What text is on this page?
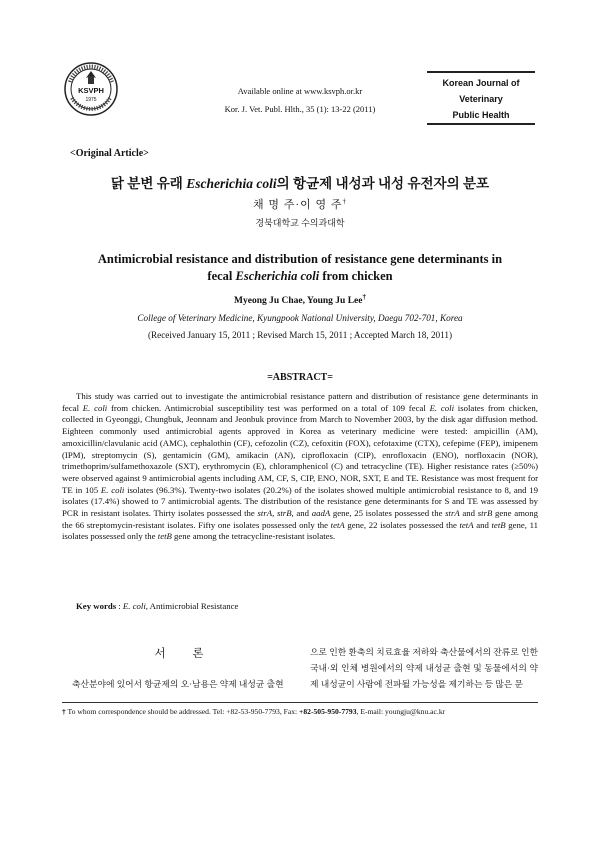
KSVPH
1975
Available online at www.ksvph.or.kr
Kor. J. Vet. Publ. Hlth., 35 (1): 13-22 (2011)
Korean Journal of
Veterinary
Public Health
<Original Article>
닭 분변 유래 Escherichia coli의 항균제 내성과 내성 유전자의 분포
채 명 주·이 영 주†
경북대학교 수의과대학
Antimicrobial resistance and distribution of resistance gene determinants in
fecal Escherichia coli from chicken
Myeong Ju Chae, Young Ju Lee†
College of Veterinary Medicine, Kyungpook National University, Daegu 702-701, Korea
(Received January 15, 2011 ; Revised March 15, 2011 ; Accepted March 18, 2011)
=ABSTRACT=

This study was carried out to investigate the antimicrobial resistance pattern and distribution of resistance gene determinants in fecal E. coli from chicken. Antimicrobial susceptibility test was performed on a total of 109 fecal E. coli isolates from chicken, collected in Gyeonggi, Chungbuk, Jeonnam and Jeonbuk province from March to November 2003, by the disk agar diffusion method. Eighteen commonly used antimicrobial agents approved in Korea as veterinary medicine were tested: ampicillin (AM), amoxicillin/clavulanic acid (AMC), cephalothin (CF), cefozolin (CZ), cefoxitin (FOX), cefotaxime (CTX), cefepime (FEP), imipenem (IPM), streptomycin (S), gentamicin (GM), amikacin (AN), ciprofloxacin (CIP), enrofloxacin (ENO), norfloxacin (NOR), trimethoprim/sulfamethoxazole (SXT), erythromycin (E), chloramphenicol (C) and tetracycline (TE). Higher resistance rates (≥50%) were observed against 9 antimicrobial agents including AM, CF, S, CIP, ENO, NOR, SXT, E and TE. Resistance was most frequent for TE in 105 E. coli isolates (96.3%). Twenty-two isolates (20.2%) of the isolates showed multiple antimicrobial resistance to 8, and 19 isolates (17.4%) showed to 7 antimicrobial agents. The distribution of the resistance gene determinants for S and TE was assessed by PCR in resistant isolates. Thirty isolates possessed the strA, strB, and aadA gene, 25 isolates possessed the strA and strB gene among the 66 streptomycin-resistant isolates. Fifty one isolates possessed only the tetA gene, 22 isolates possessed the tetA and tetB gene, 11 isolates possessed only the tetB gene among the tetracycline-resistant isolates.

Key words : E. coli, Antimicrobial Resistance
서 론

축산분야에 있어서 항균제의 오·남용은 약제 내성균 출현

으로 인한 환축의 치료효율 저하와 축산물에서의 잔류로 인한 국내·외 인체 병원에서의 약제 내성균 출현 및 동물에서의 약제 내성균이 사람에 전파될 가능성을 제기하는 등 많은 문

† To whom correspondence should be addressed. Tel: +82-53-950-7793, Fax: +82-505-950-7793, E-mail: youngju@knu.ac.kr
